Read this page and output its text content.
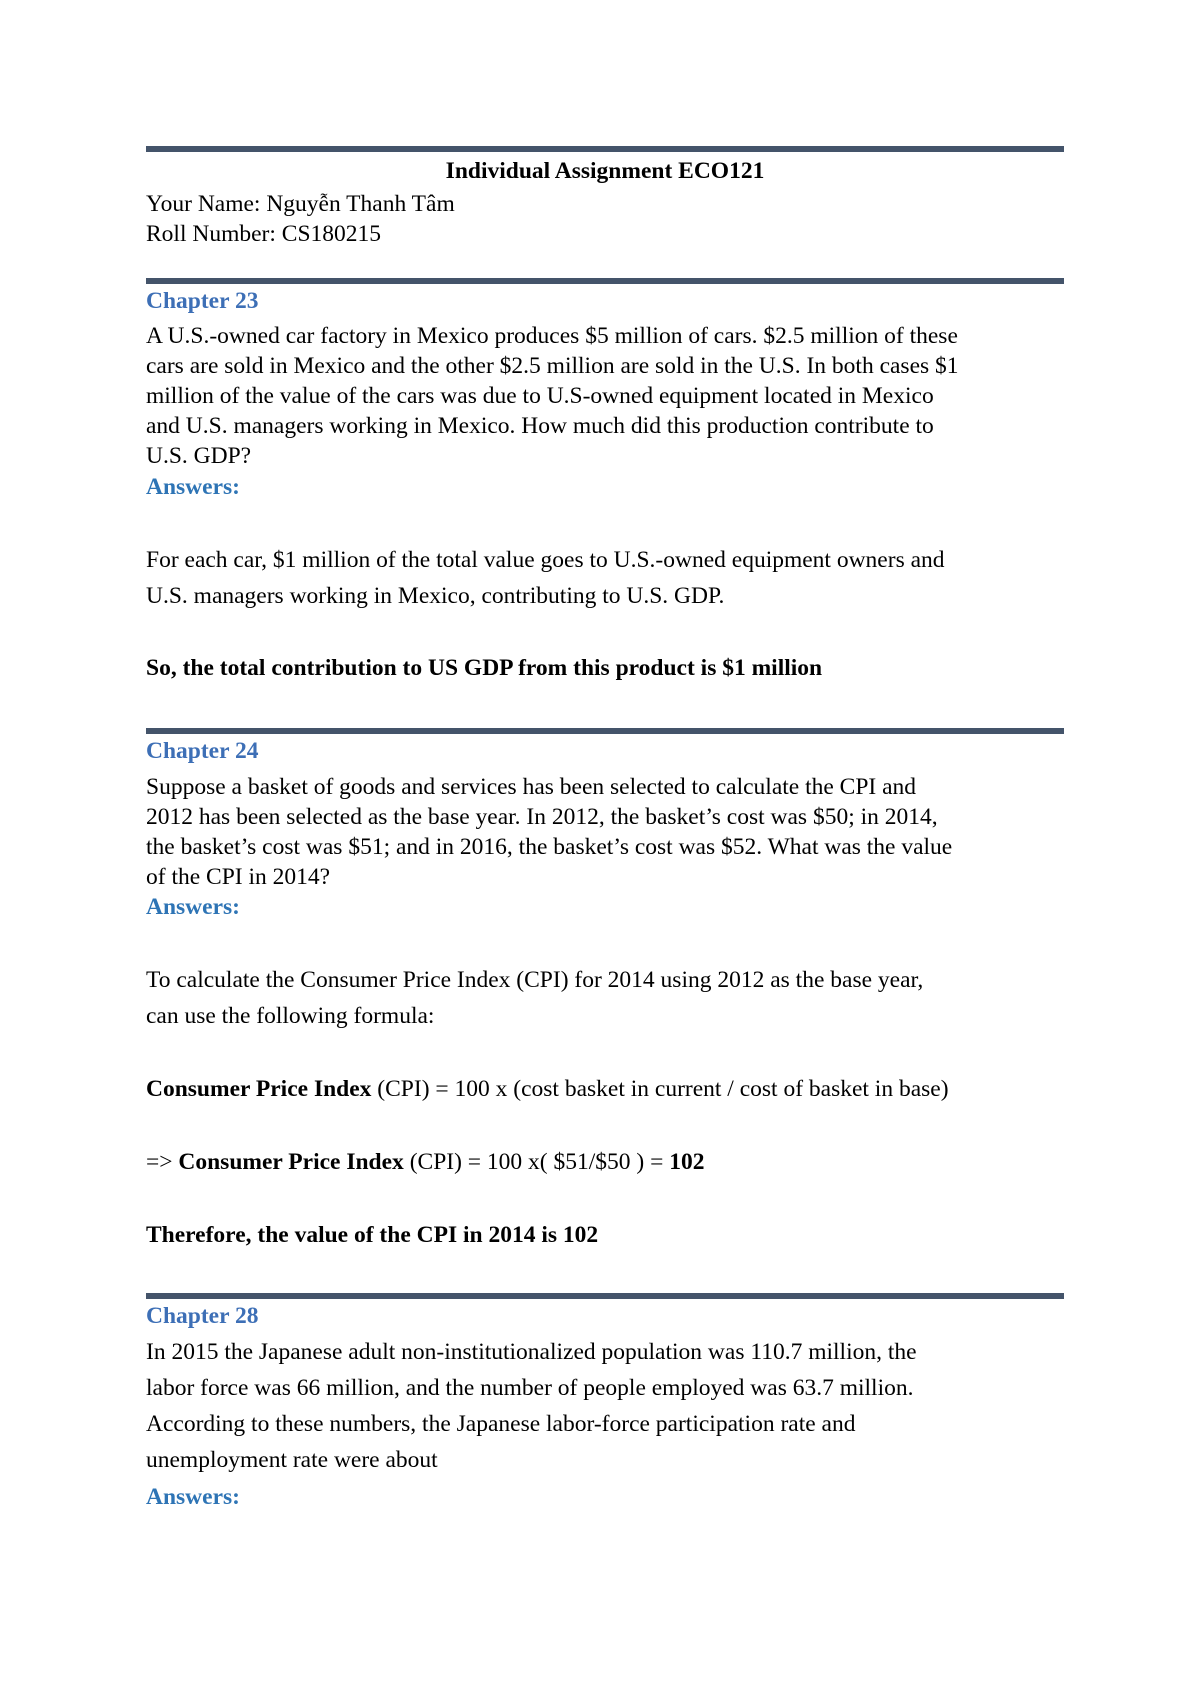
Individual Assignment ECO121
Your Name: Nguyễn Thanh Tâm
Roll Number: CS180215
Chapter 23
A U.S.-owned car factory in Mexico produces $5 million of cars. $2.5 million of these
cars are sold in Mexico and the other $2.5 million are sold in the U.S. In both cases $1
million of the value of the cars was due to U.S-owned equipment located in Mexico
and U.S. managers working in Mexico. How much did this production contribute to
U.S. GDP?
Answers:
For each car, $1 million of the total value goes to U.S.-owned equipment owners and
U.S. managers working in Mexico, contributing to U.S. GDP.
So, the total contribution to US GDP from this product is $1 million
Chapter 24
Suppose a basket of goods and services has been selected to calculate the CPI and
2012 has been selected as the base year. In 2012, the basket’s cost was $50; in 2014,
the basket’s cost was $51; and in 2016, the basket’s cost was $52. What was the value
of the CPI in 2014?
Answers:
To calculate the Consumer Price Index (CPI) for 2014 using 2012 as the base year,
can use the following formula:
Consumer Price Index (CPI) = 100 x (cost basket in current / cost of basket in base)
=> Consumer Price Index (CPI) = 100 x( $51/$50 ) = 102
Therefore, the value of the CPI in 2014 is 102
Chapter 28
In 2015 the Japanese adult non-institutionalized population was 110.7 million, the
labor force was 66 million, and the number of people employed was 63.7 million.
According to these numbers, the Japanese labor-force participation rate and
unemployment rate were about
Answers:
